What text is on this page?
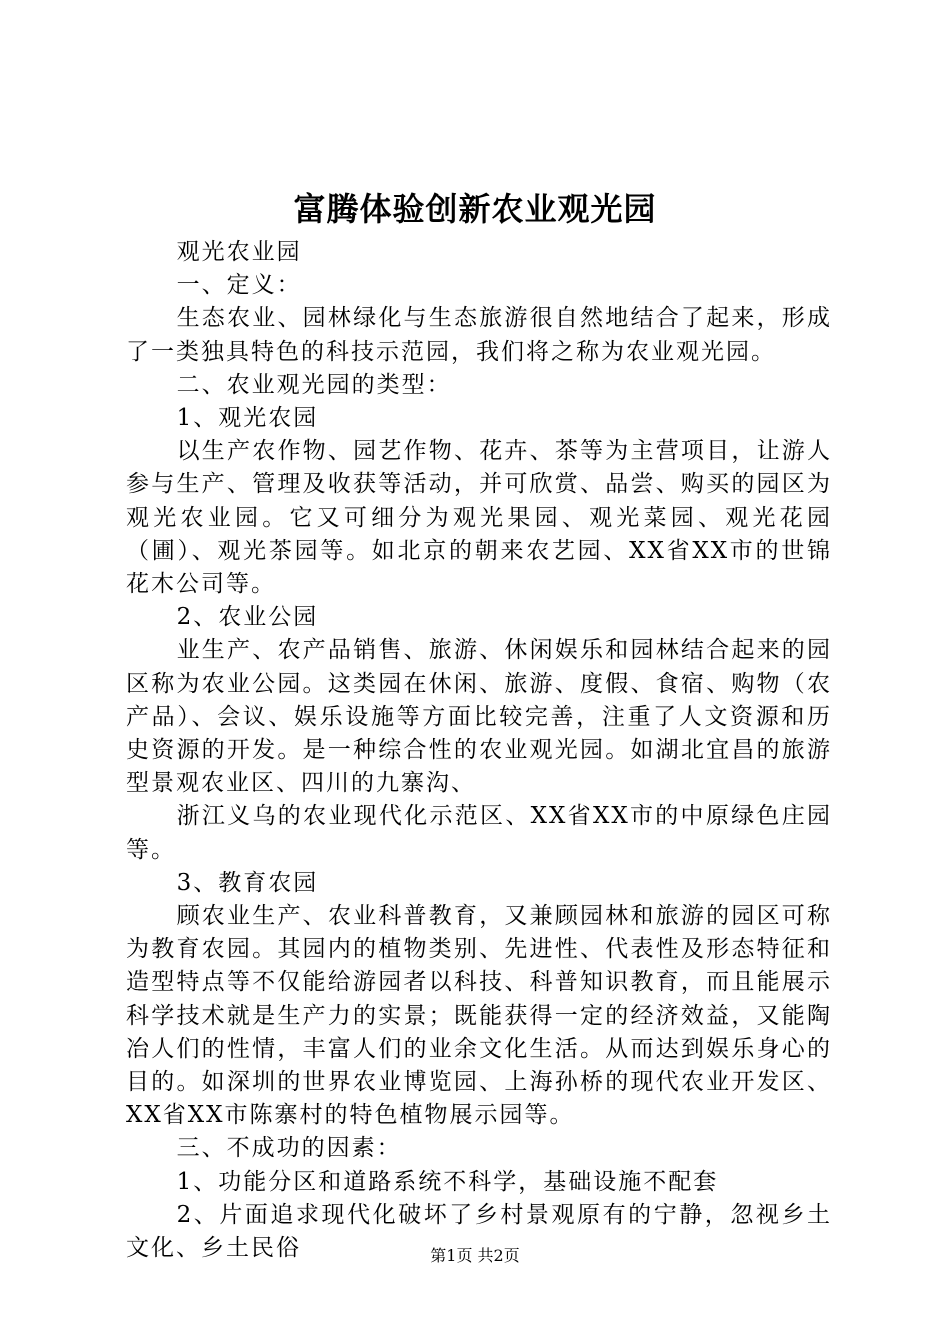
富腾体验创新农业观光园

观光农业园

一、定义：

生态农业、园林绿化与生态旅游很自然地结合了起来，形成了一类独具特色的科技示范园，我们将之称为农业观光园。

二、农业观光园的类型：

1、观光农园

以生产农作物、园艺作物、花卉、茶等为主营项目，让游人参与生产、管理及收获等活动，并可欣赏、品尝、购买的园区为观光农业园。它又可细分为观光果园、观光菜园、观光花园（圃）、观光茶园等。如北京的朝来农艺园、XX省XX市的世锦花木公司等。

2、农业公园

业生产、农产品销售、旅游、休闲娱乐和园林结合起来的园区称为农业公园。这类园在休闲、旅游、度假、食宿、购物（农产品）、会议、娱乐设施等方面比较完善，注重了人文资源和历史资源的开发。是一种综合性的农业观光园。如湖北宜昌的旅游型景观农业区、四川的九寨沟、

浙江义乌的农业现代化示范区、XX省XX市的中原绿色庄园等。

3、教育农园

顾农业生产、农业科普教育，又兼顾园林和旅游的园区可称为教育农园。其园内的植物类别、先进性、代表性及形态特征和造型特点等不仅能给游园者以科技、科普知识教育，而且能展示科学技术就是生产力的实景；既能获得一定的经济效益，又能陶冶人们的性情，丰富人们的业余文化生活。从而达到娱乐身心的目的。如深圳的世界农业博览园、上海孙桥的现代农业开发区、XX省XX市陈寨村的特色植物展示园等。

三、不成功的因素：

1、功能分区和道路系统不科学，基础设施不配套

2、片面追求现代化破坏了乡村景观原有的宁静，忽视乡土文化、乡土民俗	第1页 共2页
